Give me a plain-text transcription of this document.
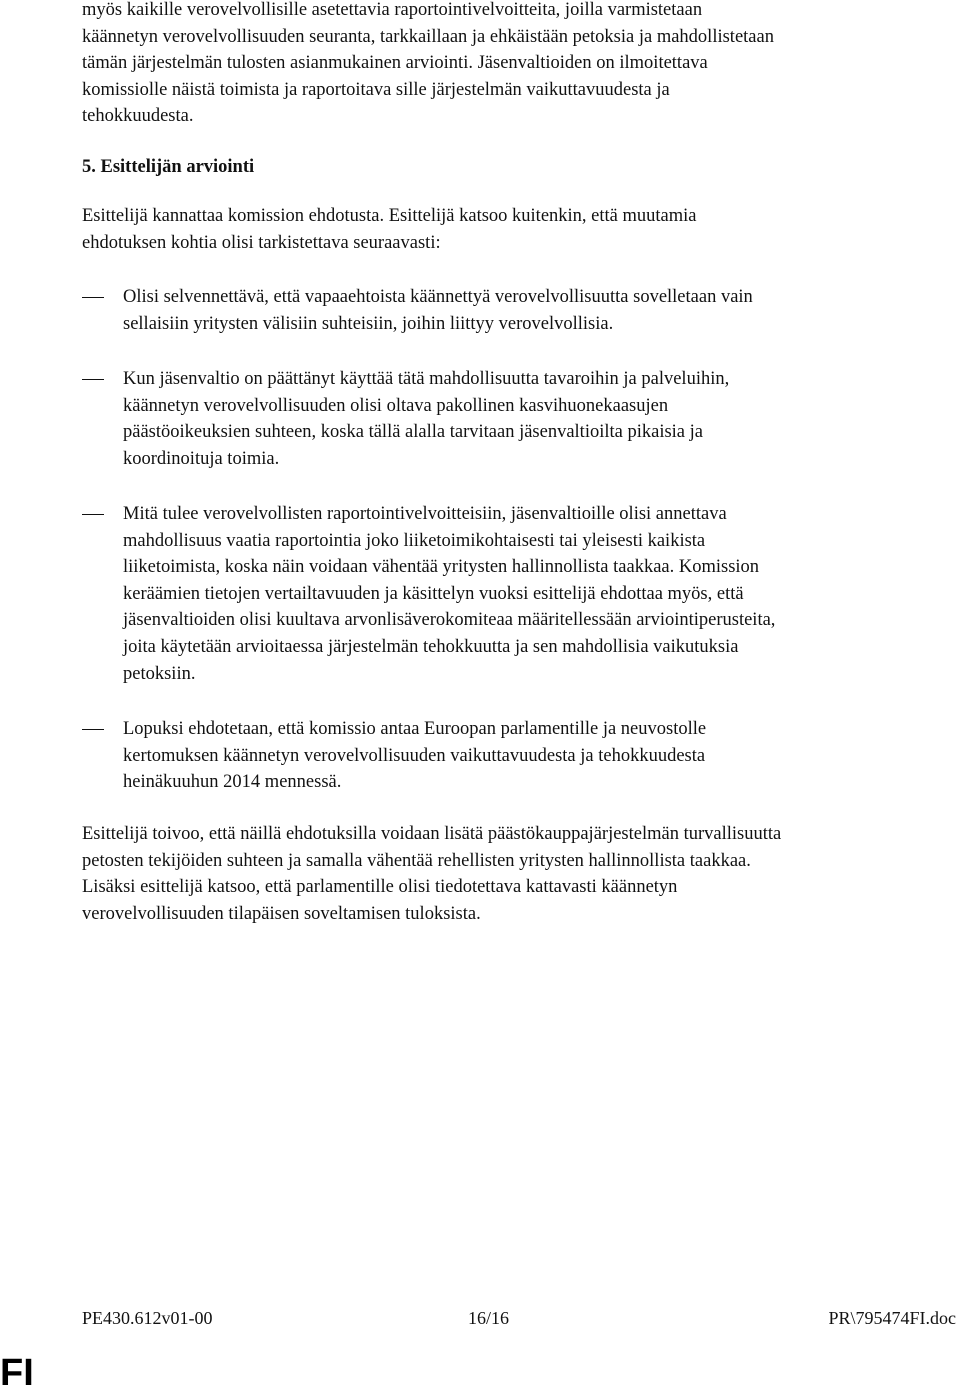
myös kaikille verovelvollisille asetettavia raportointivelvoitteita, joilla varmistetaan
käännetyn verovelvollisuuden seuranta, tarkkaillaan ja ehkäistään petoksia ja mahdollistetaan
tämän järjestelmän tulosten asianmukainen arviointi. Jäsenvaltioiden on ilmoitettava
komissiolle näistä toimista ja raportoitava sille järjestelmän vaikuttavuudesta ja
tehokkuudesta.
5. Esittelijän arviointi
Esittelijä kannattaa komission ehdotusta. Esittelijä katsoo kuitenkin, että muutamia
ehdotuksen kohtia olisi tarkistettava seuraavasti:
Olisi selvennettävä, että vapaaehtoista käännettyä verovelvollisuutta sovelletaan vain
sellaisiin yritysten välisiin suhteisiin, joihin liittyy verovelvollisia.
Kun jäsenvaltio on päättänyt käyttää tätä mahdollisuutta tavaroihin ja palveluihin,
käännetyn verovelvollisuuden olisi oltava pakollinen kasvihuonekaasujen
päästöoikeuksien suhteen, koska tällä alalla tarvitaan jäsenvaltioilta pikaisia ja
koordinoituja toimia.
Mitä tulee verovelvollisten raportointivelvoitteisiin, jäsenvaltioille olisi annettava
mahdollisuus vaatia raportointia joko liiketoimikohtaisesti tai yleisesti kaikista
liiketoimista, koska näin voidaan vähentää yritysten hallinnollista taakkaa. Komission
keräämien tietojen vertailtavuuden ja käsittelyn vuoksi esittelijä ehdottaa myös, että
jäsenvaltioiden olisi kuultava arvonlisäverokomiteaa määritellessään arviointiperusteita,
joita käytetään arvioitaessa järjestelmän tehokkuutta ja sen mahdollisia vaikutuksia
petoksiin.
Lopuksi ehdotetaan, että komissio antaa Euroopan parlamentille ja neuvostolle
kertomuksen käännetyn verovelvollisuuden vaikuttavuudesta ja tehokkuudesta
heinäkuuhun 2014 mennessä.
Esittelijä toivoo, että näillä ehdotuksilla voidaan lisätä päästökauppajärjestelmän turvallisuutta
petosten tekijöiden suhteen ja samalla vähentää rehellisten yritysten hallinnollista taakkaa.
Lisäksi esittelijä katsoo, että parlamentille olisi tiedotettava kattavasti käännetyn
verovelvollisuuden tilapäisen soveltamisen tuloksista.
PE430.612v01-00	16/16	PR\795474FI.doc
FI
